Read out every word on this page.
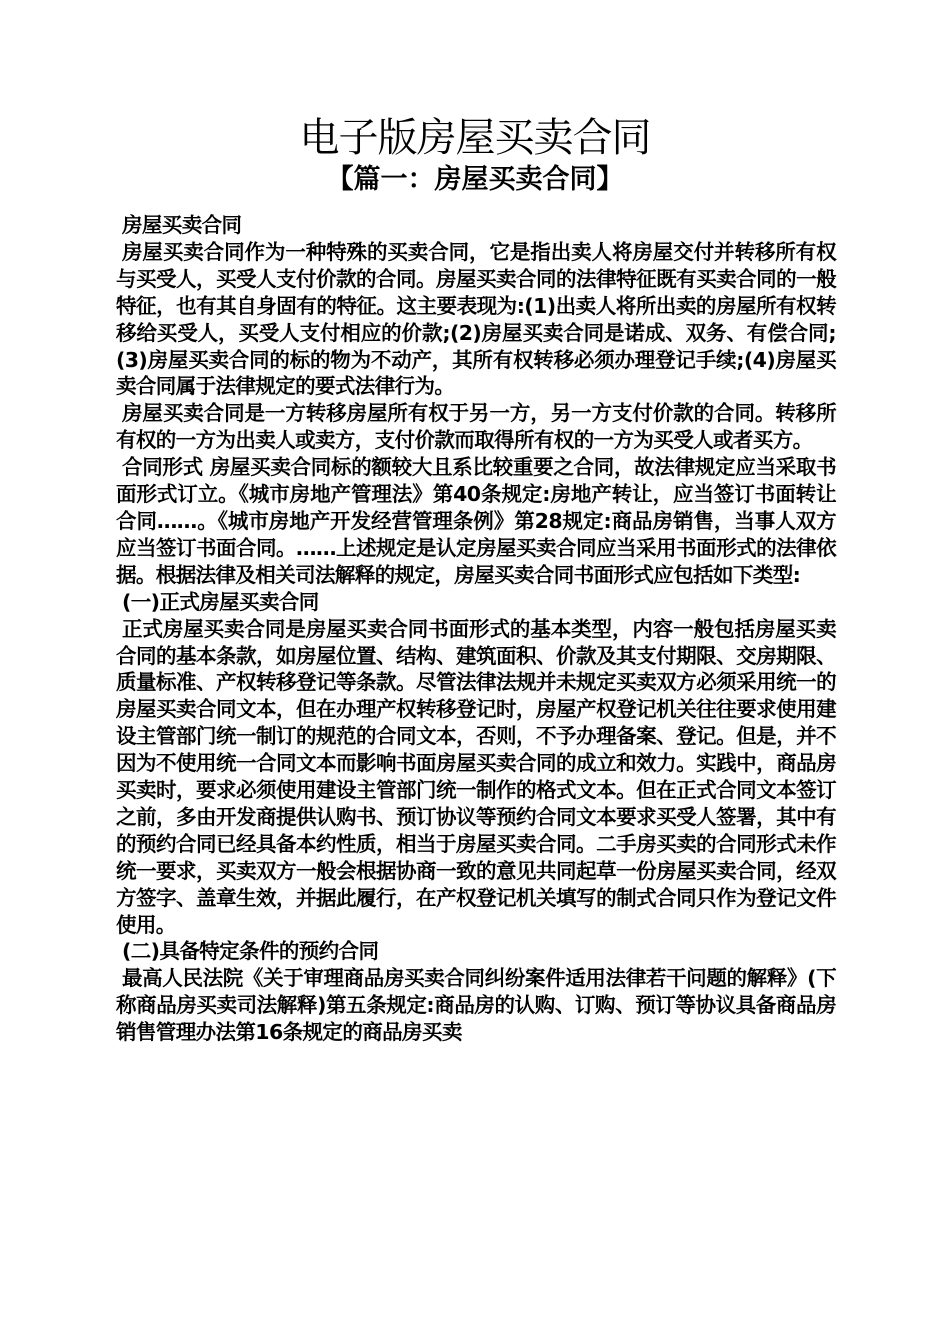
电子版房屋买卖合同
【篇一：房屋买卖合同】

房屋买卖合同

房屋买卖合同作为一种特殊的买卖合同，它是指出卖人将房屋交付并转移所有权与买受人，买受人支付价款的合同。房屋买卖合同的法律特征既有买卖合同的一般特征，也有其自身固有的特征。这主要表现为:(1)出卖人将所出卖的房屋所有权转移给买受人，买受人支付相应的价款;(2)房屋买卖合同是诺成、双务、有偿合同;(3)房屋买卖合同的标的物为不动产，其所有权转移必须办理登记手续;(4)房屋买卖合同属于法律规定的要式法律行为。

房屋买卖合同是一方转移房屋所有权于另一方，另一方支付价款的合同。转移所有权的一方为出卖人或卖方，支付价款而取得所有权的一方为买受人或者买方。

合同形式 房屋买卖合同标的额较大且系比较重要之合同，故法律规定应当采取书面形式订立。《城市房地产管理法》第40条规定:房地产转让，应当签订书面转让合同……。《城市房地产开发经营管理条例》第28规定:商品房销售，当事人双方应当签订书面合同。……上述规定是认定房屋买卖合同应当采用书面形式的法律依据。根据法律及相关司法解释的规定，房屋买卖合同书面形式应包括如下类型:

(一)正式房屋买卖合同

正式房屋买卖合同是房屋买卖合同书面形式的基本类型，内容一般包括房屋买卖合同的基本条款，如房屋位置、结构、建筑面积、价款及其支付期限、交房期限、质量标准、产权转移登记等条款。尽管法律法规并未规定买卖双方必须采用统一的房屋买卖合同文本，但在办理产权转移登记时，房屋产权登记机关往往要求使用建设主管部门统一制订的规范的合同文本，否则，不予办理备案、登记。但是，并不因为不使用统一合同文本而影响书面房屋买卖合同的成立和效力。实践中，商品房买卖时，要求必须使用建设主管部门统一制作的格式文本。但在正式合同文本签订之前，多由开发商提供认购书、预订协议等预约合同文本要求买受人签署，其中有的预约合同已经具备本约性质，相当于房屋买卖合同。二手房买卖的合同形式未作统一要求，买卖双方一般会根据协商一致的意见共同起草一份房屋买卖合同，经双方签字、盖章生效，并据此履行，在产权登记机关填写的制式合同只作为登记文件使用。

(二)具备特定条件的预约合同

最高人民法院《关于审理商品房买卖合同纠纷案件适用法律若干问题的解释》(下称商品房买卖司法解释)第五条规定:商品房的认购、订购、预订等协议具备商品房销售管理办法第16条规定的商品房买卖
